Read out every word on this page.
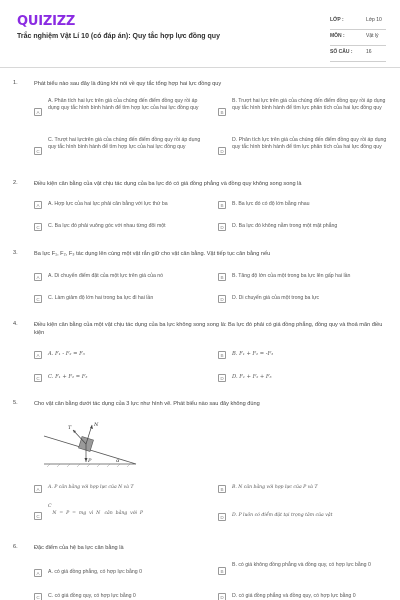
QUIZIZZ
Trắc nghiệm Vật Lí 10 (có đáp án): Quy tắc hợp lực đồng quy
LỚP :	Lớp 10
MÔN :	Vật lý
SỐ CÂU :	16
1.	Phát biểu nào sau đây là đúng khi nói về quy tắc tổng hợp hai lực đồng quy
A
A. Phân tích hai lực trên giá của chúng đến điểm đồng quy rồi áp dụng quy tắc hình bình hành để tìm hợp lực của hai lực đồng quy
B
B. Trượt hai lực trên giá của chúng đến điểm đồng quy rồi áp dụng quy tắc hình bình hành để tìm lực phân tích của hai lực đồng quy
C
C. Trượt hai lựctrên giá của chúng đến điểm đồng quy rồi áp dụng quy tắc hình bình hành để tìm hợp lực của hai lực đồng quy
D
D. Phân tích lực trên giá của chúng đến điểm đồng quy rồi áp dụng quy tắc hình bình hành để tìm lực phân tích của hai lực đồng quy
2.	Điều kiện cân bằng của vật chịu tác dụng của ba lực đó có giá đồng phẳng và đồng quy không song song là
A	A. Hợp lực của hai lực phải cân bằng với lực thứ ba	B	B. Ba lực đó có độ lớn bằng nhau
C	C. Ba lực đó phải vuông góc với nhau từng đôi một	D	D. Ba lực đó không nằm trong một mặt phẳng
3.	Ba lực F₁, F₂, F₃ tác dụng lên cùng một vật rắn giữ cho vật cân bằng. Vật tiếp tục cân bằng nếu
A	A. Di chuyển điểm đặt của một lực trên giá của nó	B	B. Tăng độ lớn của một trong ba lực lên gấp hai lần
C	C. Làm giảm độ lớn hai trong ba lực đi hai lần	D	D. Di chuyển giá của một trong ba lực
4.	Điều kiện cân bằng của một vật chịu tác dụng của ba lực không song song là: Ba lực đó phải có giá đồng phẳng, đồng quy và thoả mãn điều kiện
A	A. F₁ - F₂ = F₃	B	B. F₁ + F₂ = -F₃
C	C. F₁ + F₂ = F₃	D	D. F₁ + F₂ + F₃
5.	Cho vật cân bằng dưới tác dụng của 3 lực như hình vẽ. Phát biểu nào sau đây không đúng
T	N
P	α
A	A. P cân bằng với hợp lực của N và T	B	B. N cân bằng với hợp lực của P và T
C
C
N  =  P  =  mg  vì  N   cân  bằng  với  P
D	D. P luôn có điểm đặt tại trọng tâm của vật
6.	Đặc điểm của hệ ba lực cân bằng là
A	A. có giá đồng phẳng, có hợp lực bằng 0	B
B. có giá không đồng phẳng và đồng quy, có hợp lực bằng 0
C	C. có giá đồng quy, có hợp lực bằng 0	D	D. có giá đồng phẳng và đồng quy, có hợp lực bằng 0
